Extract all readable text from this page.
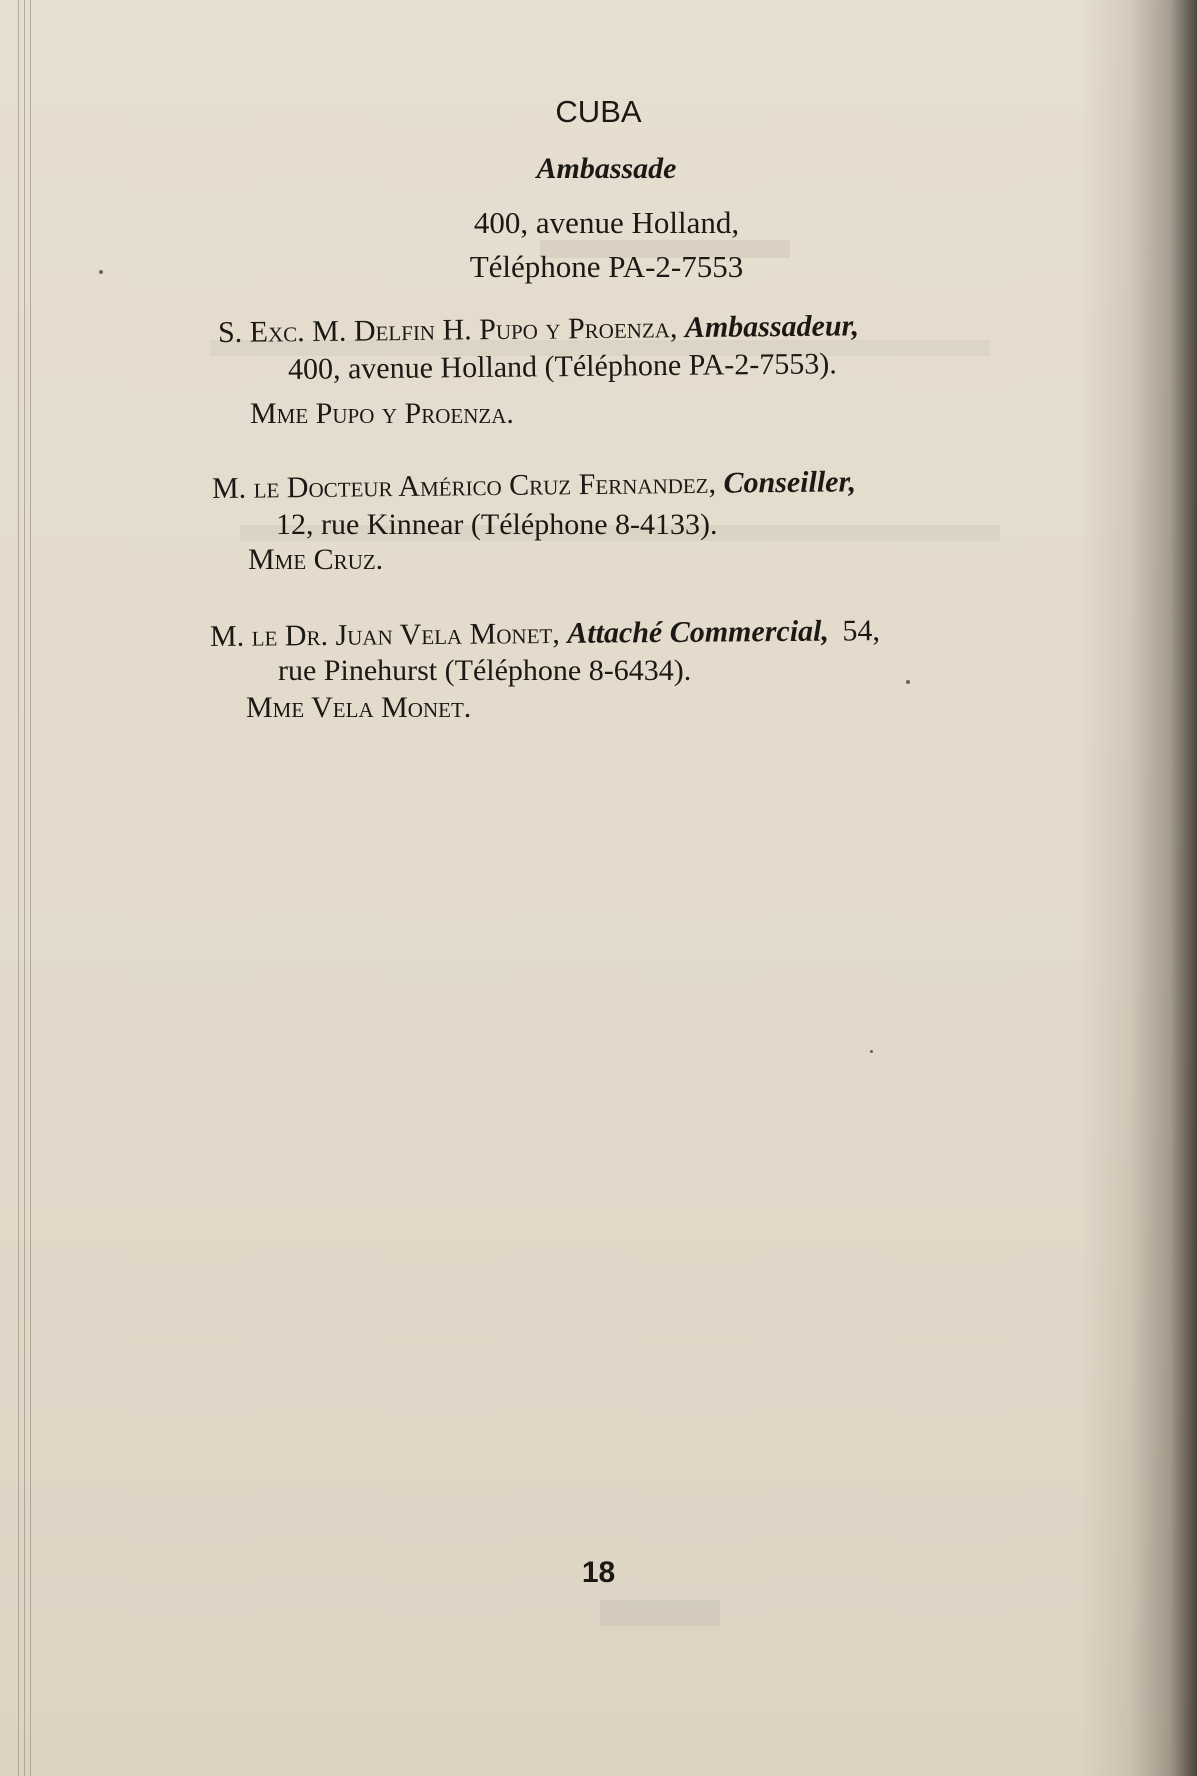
CUBA
Ambassade
400, avenue Holland,
Téléphone PA-2-7553
S. Exc. M. Delfin H. Pupo y Proenza, Ambassadeur,
400, avenue Holland (Téléphone PA-2-7553).
Mme Pupo y Proenza.
M. le Docteur Américo Cruz Fernandez, Conseiller,
12, rue Kinnear (Téléphone 8-4133).
Mme Cruz.
M. le Dr. Juan Vela Monet, Attaché Commercial, 54,
rue Pinehurst (Téléphone 8-6434).
Mme Vela Monet.
18
